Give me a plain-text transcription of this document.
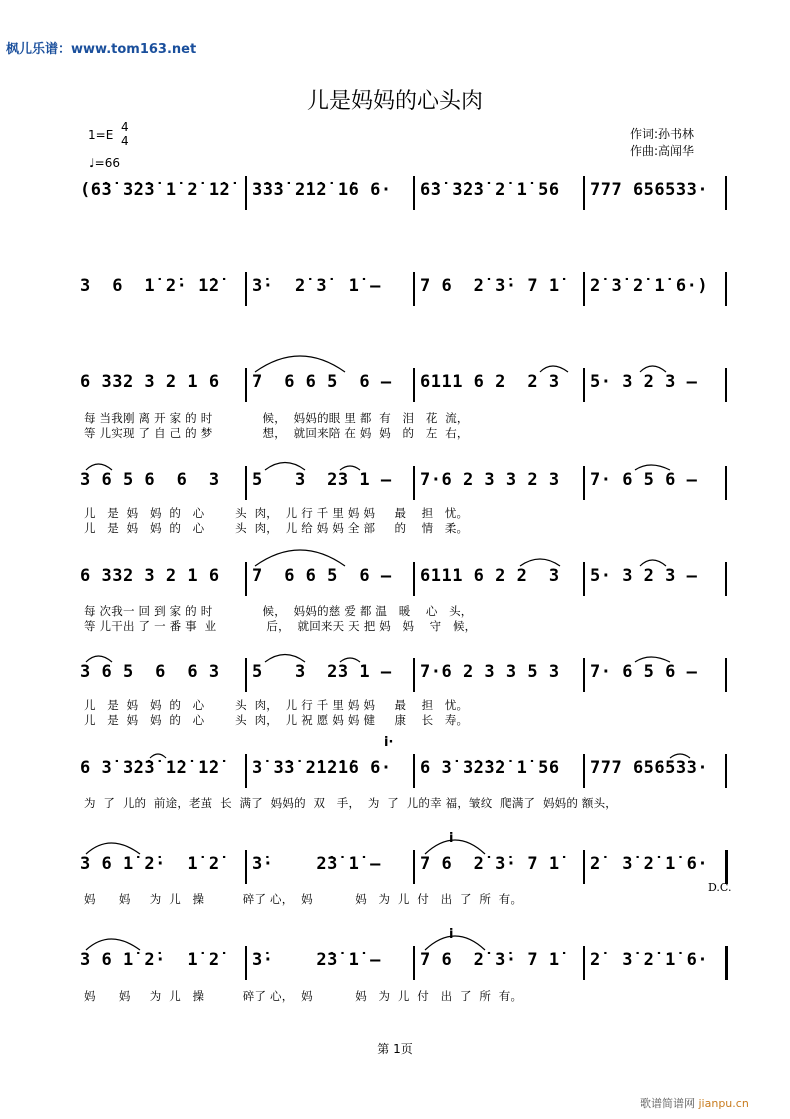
枫儿乐谱：www.tom163.net
儿是妈妈的心头肉
1=E
4
4
♩=66
作词:孙书林
作曲:高闻华
(6̇3̇ 3̇2̇3̇ 1̇ 2̇ 1̇2̇	3̇3̇3̇ 2̇1̇2̇ 1̇6 6·	6̇3̇ 3̇2̇3̇ 2̇ 1̇ 56	777 656533·
3  6  1̇ 2̇· 1̇2̇	3̇·  2̇ 3̇  1̇ –	7 6  2̇ 3̇· 7 1̇	2̇ 3̇ 2̇ 1̇ 6·)
6 332 3 2 1 6	7  6 6 5  6 –	6111 6 2  2 3	5· 3 2 3 –
每 当我刚 离 开 家 的 时             候，  妈妈的眼 里 都  有   泪   花  流，
等 儿实现 了 自 己 的 梦             想，  就回来陪 在 妈  妈   的   左  右，
3 6 5 6  6  3	5   3  23 1 –	7·6 2 3 3 2 3	7· 6 5 6 –
儿   是  妈   妈  的   心        头  肉，  儿 行 千 里 妈 妈     最    担   忧。
儿   是  妈   妈  的   心        头  肉，  儿 给 妈 妈 全 部     的    情   柔。
6 332 3 2 1 6	7  6 6 5  6 –	6111 6 2 2  3	5· 3 2 3 –
每 次我一 回 到 家 的 时             候，  妈妈的慈 爱 都 温   暖    心   头，
等 儿干出 了 一 番 事  业             后，  就回来天 天 把 妈   妈    守   候，
3 6 5  6  6 3	5   3  23 1 –	7·6 2 3 3 5 3	7· 6 5 6 –
儿   是  妈   妈  的   心        头  肉，  儿 行 千 里 妈 妈     最    担   忧。
儿   是  妈   妈  的   心        头  肉，  儿 祝 愿 妈 妈 健     康    长   寿。
i·
6 3̇ 3̇2̇3̇ 1̇2̇ 1̇2̇	3̇ 3̇3̇ 2̇1̇2̇1̇6 6·	6 3̇ 3̇2̇3̇2̇ 1̇ 56	777 656533·
为  了  儿的  前途，老茧  长  满了  妈妈的  双   手，  为  了  儿的幸 福，皱纹  爬满了  妈妈的 额头，
3 6 1̇ 2̇·  1̇ 2̇	3̇·    2̇3̇ 1̇ –	7 6  2̇ 3̇· 7 1̇	2̇  3̇ 2̇ 1̇ 6·
妈      妈     为  儿   操          碎了 心，  妈           妈   为  儿  付   出  了  所  有。
D.C.
3 6 1̇ 2̇·  1̇ 2̇	3̇·    2̇3̇ 1̇ –	7 6  2̇ 3̇· 7 1̇	2̇  3̇ 2̇ 1̇ 6·
妈      妈     为  儿   操          碎了 心，  妈           妈   为  儿  付   出  了  所  有。
i
i
第 1页
歌谱简谱网 jianpu.cn
